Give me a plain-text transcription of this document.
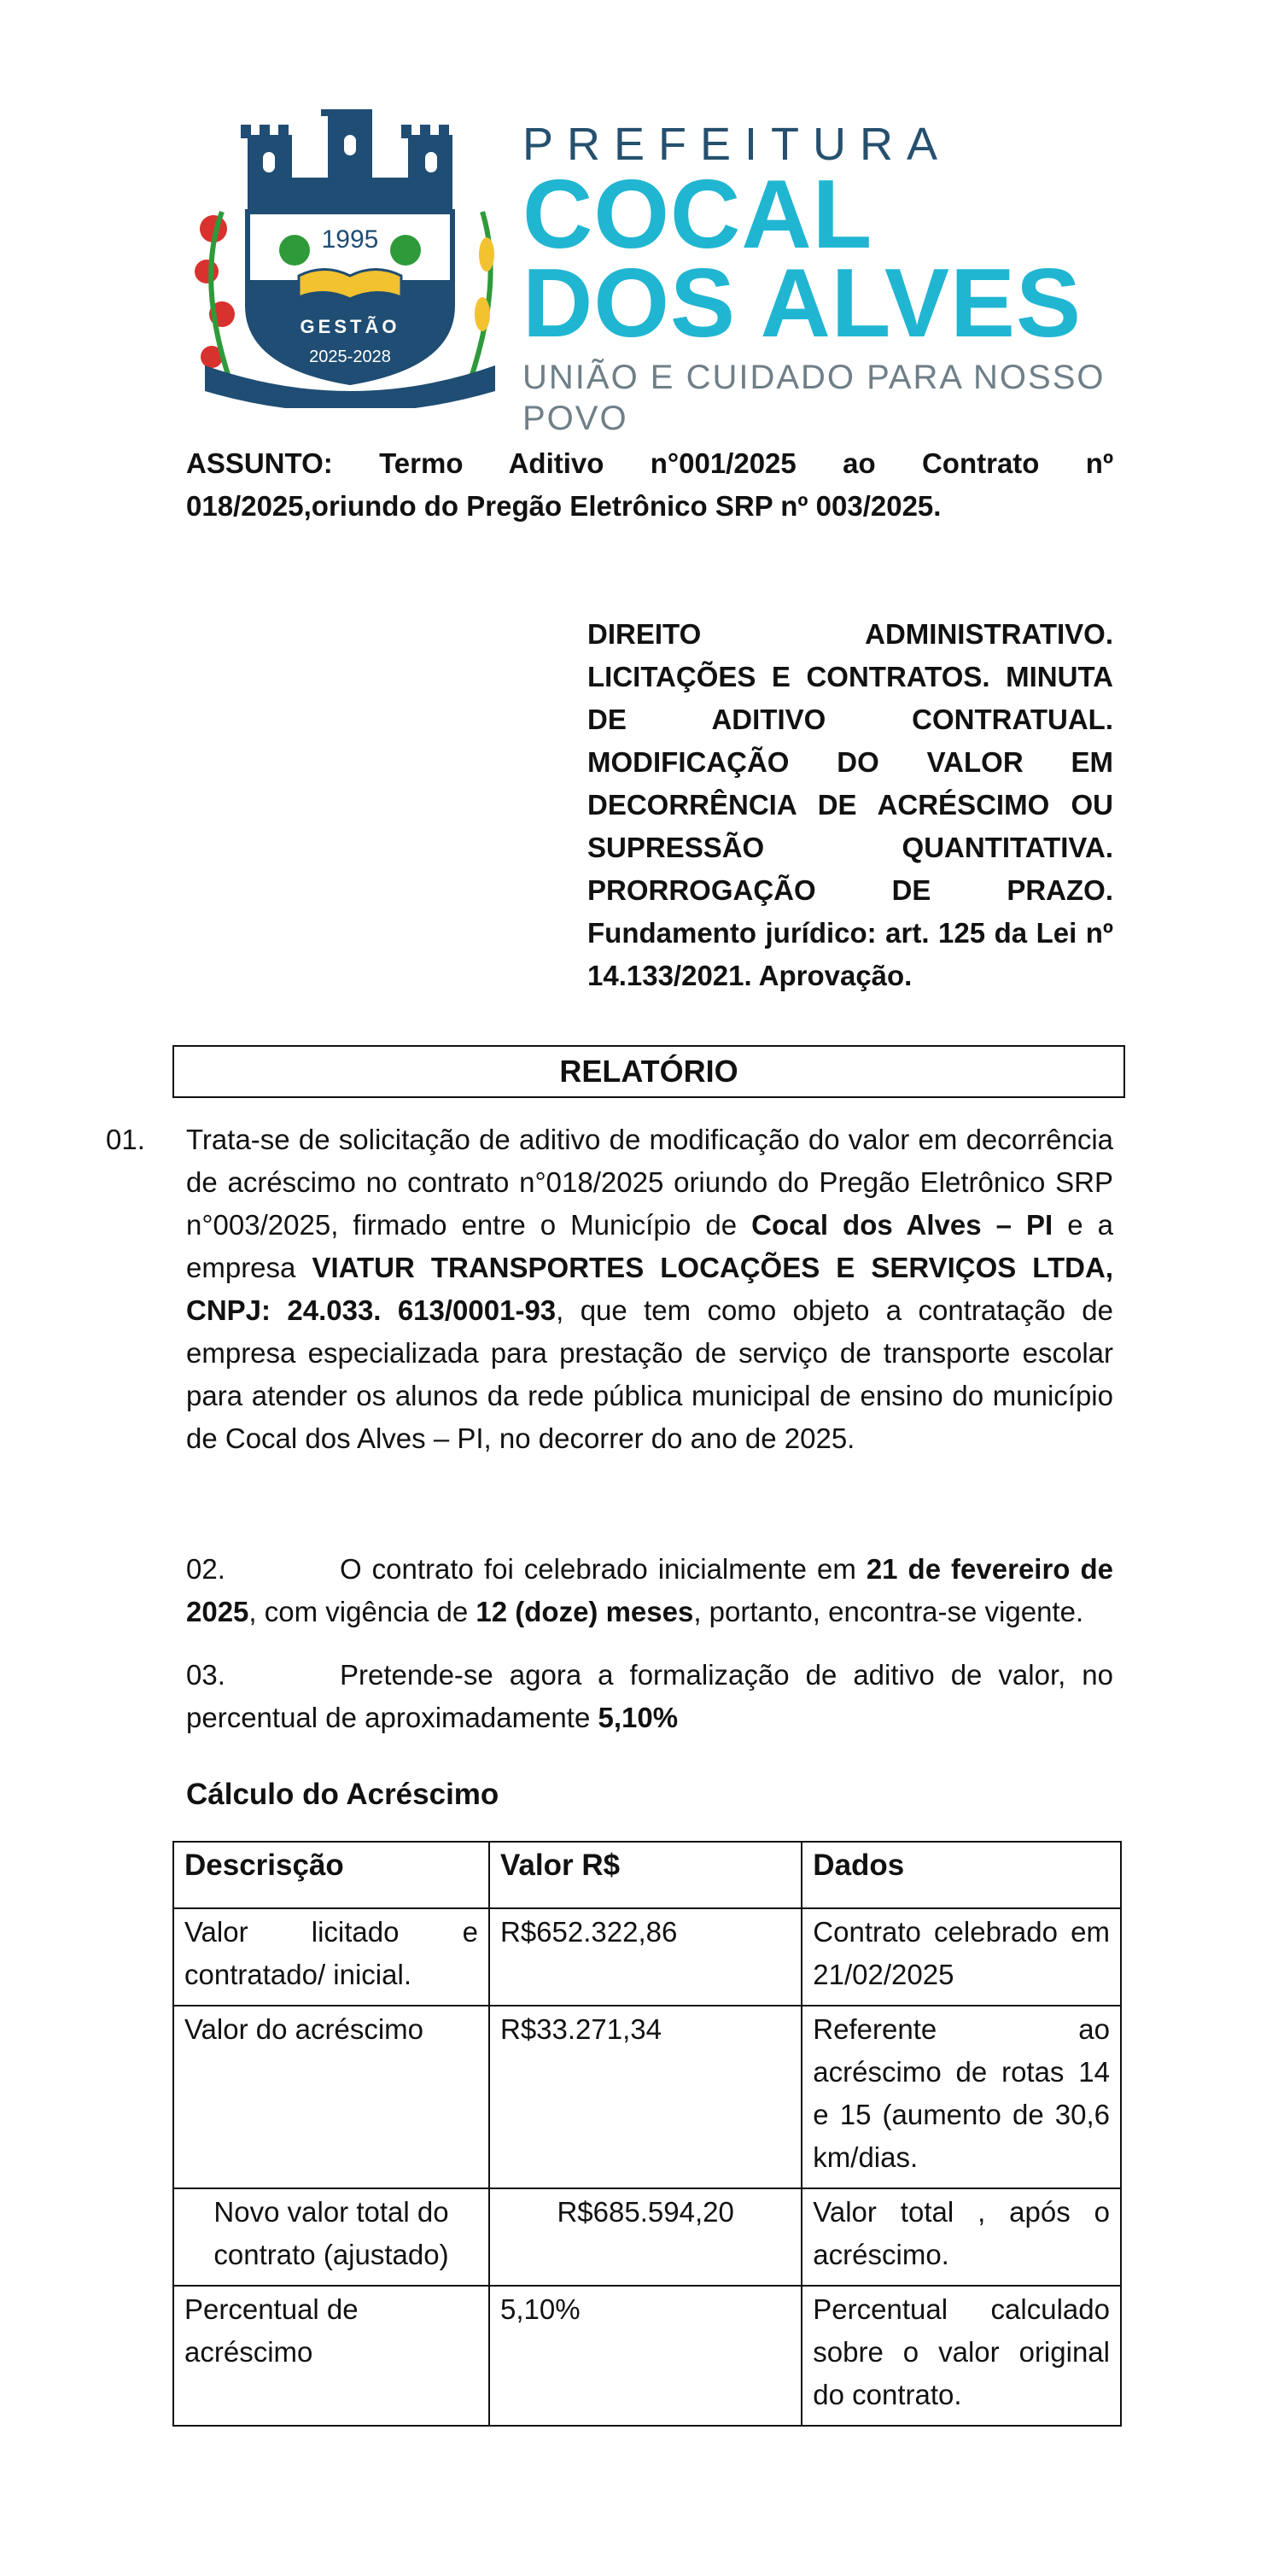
1995
GESTÃO
2025-2028
PREFEITURA
COCAL
DOS ALVES
UNIÃO E CUIDADO PARA NOSSO POVO
ASSUNTO: Termo Aditivo n°001/2025 ao Contrato nº 018/2025,oriundo do Pregão Eletrônico SRP nº 003/2025.
DIREITO ADMINISTRATIVO. LICITAÇÕES E CONTRATOS. MINUTA DE ADITIVO CONTRATUAL. MODIFICAÇÃO DO VALOR EM DECORRÊNCIA DE ACRÉSCIMO OU SUPRESSÃO QUANTITATIVA. PRORROGAÇÃO DE PRAZO. Fundamento jurídico: art. 125 da Lei nº 14.133/2021. Aprovação.
RELATÓRIO
01. Trata-se de solicitação de aditivo de modificação do valor em decorrência de acréscimo no contrato n°018/2025 oriundo do Pregão Eletrônico SRP n°003/2025, firmado entre o Município de Cocal dos Alves – PI e a empresa VIATUR TRANSPORTES LOCAÇÕES E SERVIÇOS LTDA, CNPJ: 24.033. 613/0001-93, que tem como objeto a contratação de empresa especializada para prestação de serviço de transporte escolar para atender os alunos da rede pública municipal de ensino do município de Cocal dos Alves – PI, no decorrer do ano de 2025.
02.	O contrato foi celebrado inicialmente em 21 de fevereiro de 2025, com vigência de 12 (doze) meses, portanto, encontra-se vigente.
03.	Pretende-se agora a formalização de aditivo de valor, no percentual de aproximadamente 5,10%
Cálculo do Acréscimo
Descrisção	Valor R$	Dados
Valor licitado e contratado/ inicial.	R$652.322,86	Contrato celebrado em 21/02/2025
Valor do acréscimo	R$33.271,34	Referente ao acréscimo de rotas 14 e 15 (aumento de 30,6 km/dias.
Novo valor total do contrato (ajustado)	R$685.594,20	Valor total , após o acréscimo.
Percentual de acréscimo	5,10%	Percentual calculado sobre o valor original do contrato.
